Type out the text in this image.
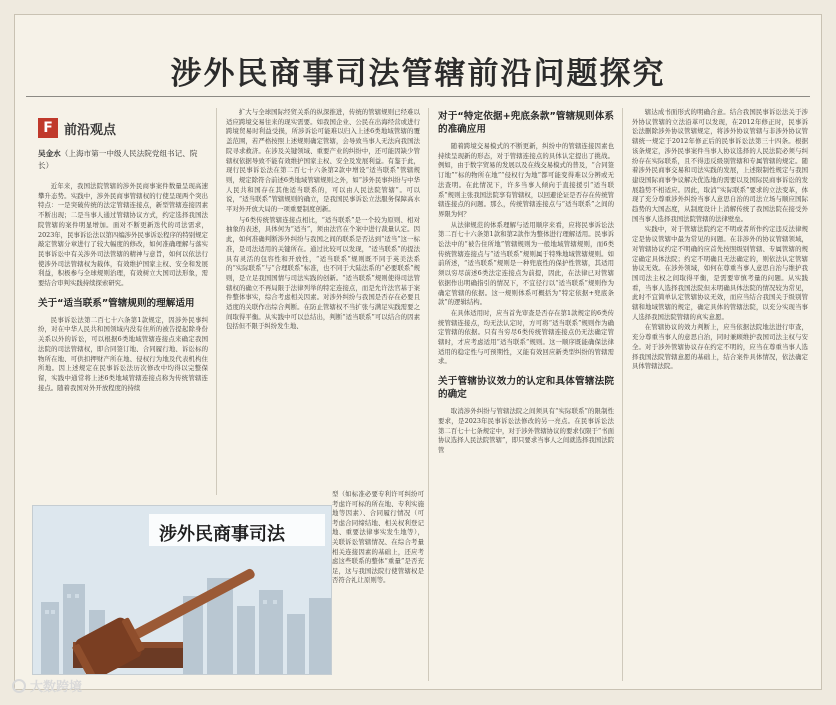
涉外民商事司法管辖前沿问题探究
F 前沿观点
吴金水（上海市第一中级人民法院党组书记、院长）

近年来，我国法院管辖的涉外民商事案件数量呈现高速攀升态势。实践中，涉外民商事管辖权的行使呈现两个突出特点：一是突破传统的法定管辖连接点，新型管辖连接因素不断出现；二是当事人通过管辖协议方式，约定选择我国法院管辖的案件明显增加。面对不断更新迭代的司法需求，2023年，民事诉讼法以第四编涉外民事诉讼程序的特别规定敲定管辖分章进行了较大幅度的修改，如何准确理解与落实民事诉讼中有关涉外司法管辖的精神与意旨，如何以依法行使涉外司法管辖权为载体，有效维护国家主权、安全和发展利益，积极参与全球规则治理，有效树立大国司法形象，需要结合审判实践持续探索研究。

关于“适当联系”管辖规则的理解适用

民事诉讼法第二百七十六条第1款规定，因涉外民事纠纷，对在中华人民共和国领域内没有住所的被告提起除身份关系以外的诉讼，可以根据6类地域管辖连接点来确定我国法院的司法管辖权，即合同签订地、合同履行地、诉讼标的物所在地、可供扣押财产所在地、侵权行为地及代表机构住所地。因上述规定在民事诉讼法历次修改中均得以完整保留，实践中通常将上述6类地域管辖连接点称为传统管辖连接点。随着我国对外开放程度的持续

扩大与全球国际经贸关系的纵深推进，传统的管辖规则已经难以适应跨境交易往来的现实需要。如我国企业、公民在出海经营或进行跨境贸易时利益受损，所涉诉讼可能难以归入上述6类地域管辖的覆盖范围，若严格按照上述规则确定管辖，会导致当事人无法向我国法院寻求救济。在涉及关键领域、重要产业的纠纷中，还可能因缺少管辖权依据导致不能有效维护国家主权、安全及发展利益。有鉴于此，现行民事诉讼法在第二百七十六条第2款中增设“适当联系”管辖规则，规定除符合前述6类地域管辖规则之外，如“涉外民事纠纷与中华人民共和国存在其他适当联系的，可以由人民法院管辖”。可以说，“适当联系”管辖规则的确立，是我国民事诉讼立法服务保障高水平对外开放大局的一项重要制度创新。

与6类传统管辖连接点相比，“适当联系”是一个较为原则、相对抽象的表述，具体何为“适当”，须由法官在个案中进行裁量认定。因此，如何准确判断涉外纠纷与我国之间的联系是否达到“适当”这一标准，是司法适用的关键所在。通过比较可以发现，“适当联系”的提法具有灵活的包容性和开放性，“适当联系”规则既不同于英美法系的“实际联系”与“合理联系”标准，也不同于大陆法系的“必要联系”规则，是立足我国国情与司法实践的创新。“适当联系”规则使得司法管辖权的确立不再局限于法律列举的特定连接点，而是允许法官基于案件整体事实，综合考虑相关因素。对涉外纠纷与我国是否存在必要且适度的关联作出综合判断。在防止管辖权不当扩张与满足实践需要之间取得平衡。从实践中可以总结出，判断“适当联系”可以结合的因素包括但不限于纠纷发生地、

对于“特定依据+兜底条款”管辖规则体系的准确应用

随着跨境交易模式的不断更新，纠纷中的管辖连接因素也持续呈现新的形态，对于管辖连接点的具体认定提出了挑战。例如，由于数字贸易的发展以及在线交易模式的普及，“合同签订地”“标的物所在地”“侵权行为地”都可能变得难以分辨或无法查明。在此情况下，许多当事人倾向于直接援引“适当联系”规则主张我国法院享有管辖权，以回避论证是否存在传统管辖连接点的问题。那么，传统管辖连接点与“适当联系”之间的界限为何？

从法律规范的体系理解与适用顺序来看，应将民事诉讼法第二百七十六条第1款和第2款作为整体进行理解适用。民事诉讼法中的“被告住所地”管辖规则为一般地域管辖规则，而6类传统管辖连接点与“适当联系”规则属于特殊地域管辖规则。如前所述，“适当联系”规则是一种兜底性的保护性管辖，其适用须以穷尽前述6类法定连接点为前提，因此，在法律已对管辖依据作出明确指引的情况下，不宜径行以“适当联系”规则作为确定管辖的依据。这一规则体系可概括为“特定依据+兜底条款”的逻辑结构。

在具体适用时，应当首先审查是否存在第1款规定的6类传统管辖连接点，均无法认定时，方可将“适当联系”规则作为确定管辖的依据。只有当穷尽6类传统管辖连接点仍无法确定管辖时，才应考虑适用“适当联系”规则。这一顺序既能确保法律适用的稳定性与可预期性，又能有效回应新类型纠纷的管辖需求。

关于管辖协议效力的认定和具体管辖法院的确定

取消涉外纠纷与管辖法院之间须具有“实际联系”的限制性要求，是2023年民事诉讼法修改的另一亮点。在民事诉讼法第二百七十七条规定中，对于涉外管辖协议的要求仅限于“书面协议选择人民法院管辖”，即只要求当事人之间就选择我国法院管

辖达成书面形式的明确合意。结合我国民事诉讼法关于涉外协议管辖的立法沿革可以发现，在2012年修正时，民事诉讼法删除涉外协议管辖规定，将涉外协议管辖与非涉外协议管辖统一规定于2012年修正后的民事诉讼法第三十四条。根据该条规定，涉外民事案件当事人协议选择的人民法院必须与纠纷存在实际联系，且不得违反级别管辖和专属管辖的规定。随着涉外民商事交易和司法实践的发展，上述限制性规定与我国建设国际商事争议解决优选地的需要以及国际民商事诉讼的发展趋势不相适应。因此，取消“实际联系”要求的立法变革，体现了充分尊重涉外纠纷当事人意思自治的司法立场与顺应国际趋势的大国态度，从制度设计上消解传统了我国法院在接受外国当事人选择我国法院管辖的法律壁垒。

实践中，对于管辖法院约定不明或者所作约定违反法律规定是协议管辖中最为常见的问题。在非涉外的协议管辖领域，对管辖协议约定不明确的应首先按照级别管辖、专属管辖的规定确定具体法院；约定不明确且无法确定的，则依法认定管辖协议无效。在涉外领域，如何在尊重当事人意思自治与维护我国司法主权之间取得平衡，是需要审慎考量的问题。从实践看，当事人选择我国法院但未明确具体法院的情况较为常见，此时不宜简单认定管辖协议无效，而应当结合我国关于级别管辖和地域管辖的规定，确定具体的管辖法院，以充分实现当事人选择我国法院管辖的真实意愿。

在管辖协议的效力判断上，应当依据法院地法进行审查，充分尊重当事人的意思自治，同时兼顾维护我国司法主权与安全。对于涉外管辖协议存在约定不明的，应当在尊重当事人选择我国法院管辖意愿的基础上，结合案件具体情况，依法确定具体管辖法院。

涉外民商事司法
型（如标准必要专利许可纠纷可考虑许可标的所在地、专利实施地等因素）、合同履行情况（可考虑合同缔结地、相关权利登记地、重要法律事实发生地等），关联诉讼管辖情况、在综合考量相关连接因素的基础上，还应考虑这些联系的整体“重量”是否充足，这与我国法院行使管辖权是否符合礼让原则等。
大数跨境
